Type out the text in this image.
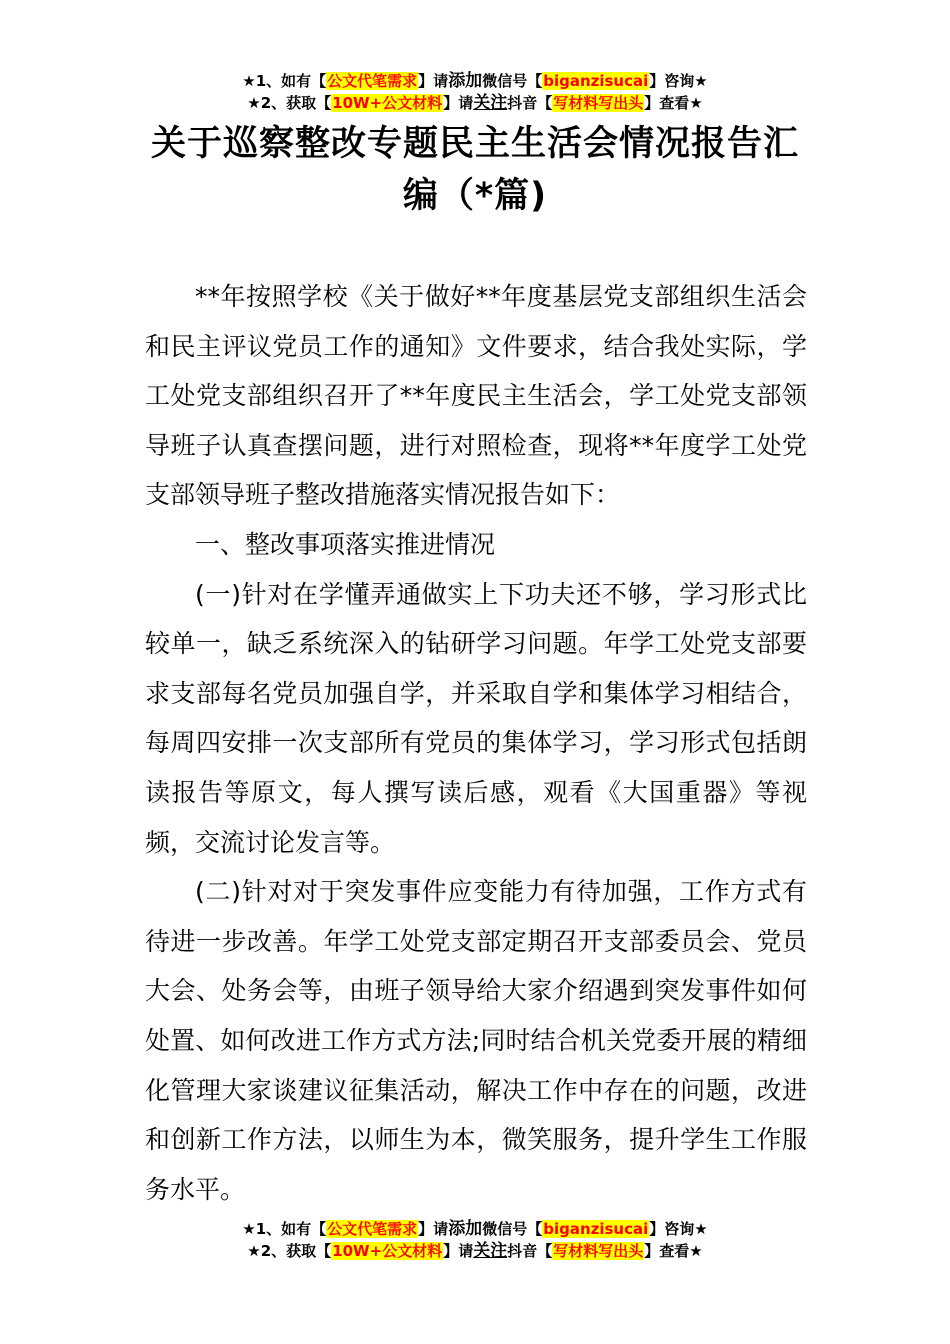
★1、如有【公文代笔需求】请添加微信号【biganzisucai】咨询★
★2、获取【10W+公文材料】请关注抖音【写材料写出头】查看★
关于巡察整改专题民主生活会情况报告汇编（*篇)

**年按照学校《关于做好**年度基层党支部组织生活会和民主评议党员工作的通知》文件要求，结合我处实际，学工处党支部组织召开了**年度民主生活会，学工处党支部领导班子认真查摆问题，进行对照检查，现将**年度学工处党支部领导班子整改措施落实情况报告如下：

一、整改事项落实推进情况

(一)针对在学懂弄通做实上下功夫还不够，学习形式比较单一，缺乏系统深入的钻研学习问题。年学工处党支部要求支部每名党员加强自学，并采取自学和集体学习相结合，每周四安排一次支部所有党员的集体学习，学习形式包括朗读报告等原文，每人撰写读后感，观看《大国重器》等视频，交流讨论发言等。

(二)针对对于突发事件应变能力有待加强，工作方式有待进一步改善。年学工处党支部定期召开支部委员会、党员大会、处务会等，由班子领导给大家介绍遇到突发事件如何处置、如何改进工作方式方法;同时结合机关党委开展的精细化管理大家谈建议征集活动，解决工作中存在的问题，改进和创新工作方法，以师生为本，微笑服务，提升学生工作服务水平。

★1、如有【公文代笔需求】请添加微信号【biganzisucai】咨询★
★2、获取【10W+公文材料】请关注抖音【写材料写出头】查看★
